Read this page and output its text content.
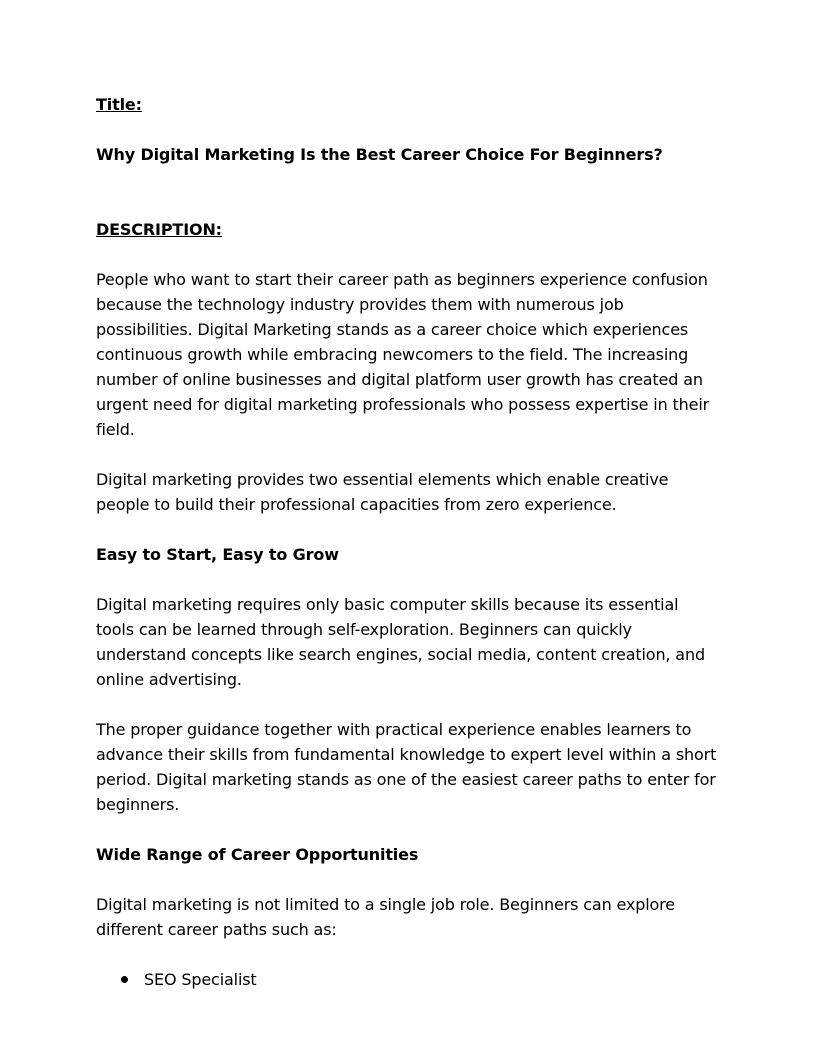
Title:

Why Digital Marketing Is the Best Career Choice For Beginners?

DESCRIPTION:

People who want to start their career path as beginners experience confusion because the technology industry provides them with numerous job possibilities. Digital Marketing stands as a career choice which experiences continuous growth while embracing newcomers to the field. The increasing number of online businesses and digital platform user growth has created an urgent need for digital marketing professionals who possess expertise in their field.

Digital marketing provides two essential elements which enable creative people to build their professional capacities from zero experience.

Easy to Start, Easy to Grow

Digital marketing requires only basic computer skills because its essential tools can be learned through self-exploration. Beginners can quickly understand concepts like search engines, social media, content creation, and online advertising.

The proper guidance together with practical experience enables learners to advance their skills from fundamental knowledge to expert level within a short period. Digital marketing stands as one of the easiest career paths to enter for beginners.

Wide Range of Career Opportunities

Digital marketing is not limited to a single job role. Beginners can explore different career paths such as:

SEO Specialist
